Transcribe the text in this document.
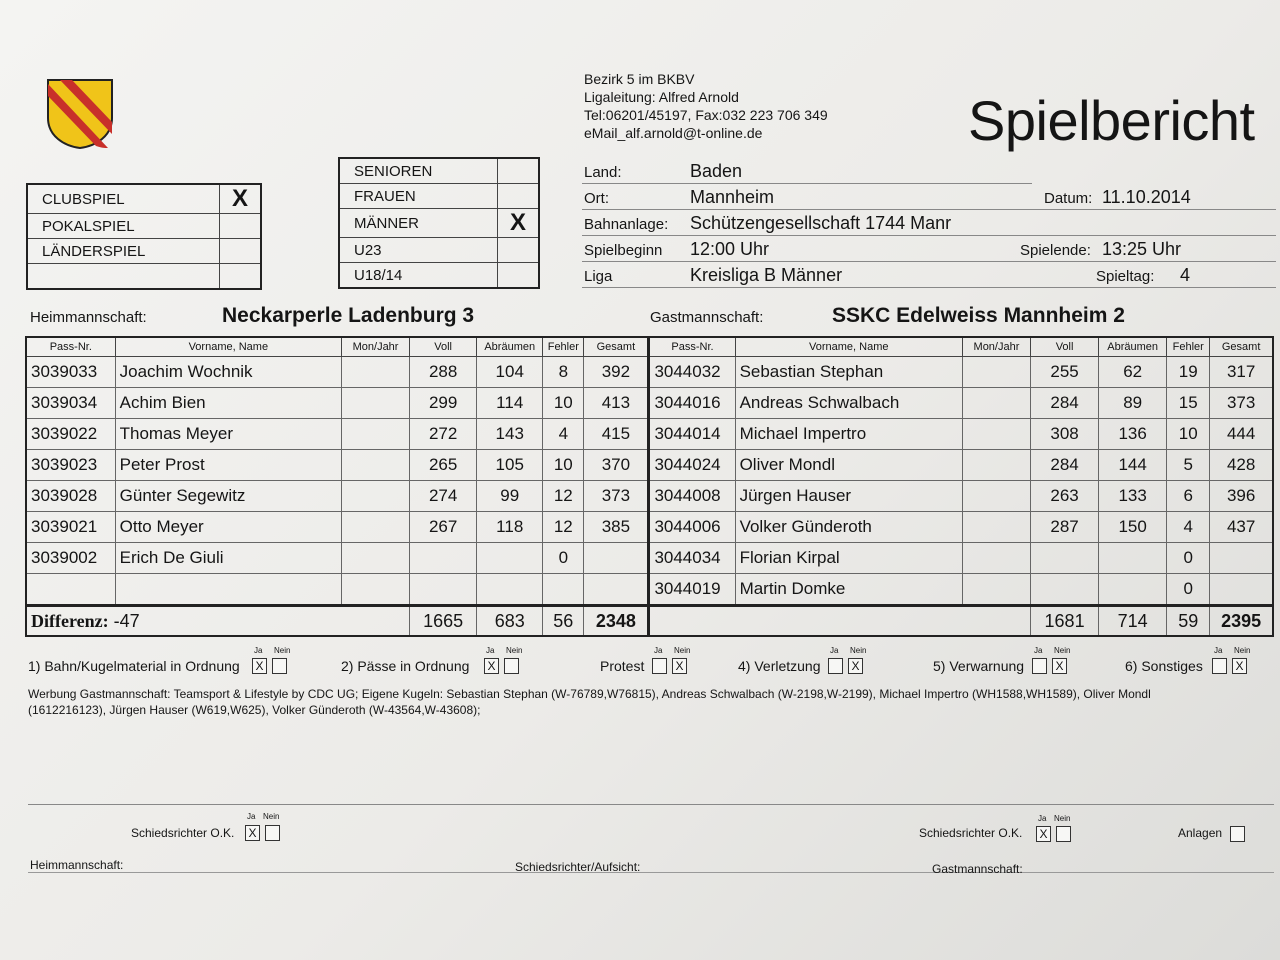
Bezirk 5 im BKBV
Ligaleitung: Alfred Arnold
Tel:06201/45197, Fax:032 223 706 349
eMail_alf.arnold@t-online.de	Spielbericht
CLUBSPIEL	X
POKALSPIEL	
LÄNDERSPIEL	

SENIOREN	
FRAUEN	
MÄNNER	X
U23	
U18/14	
Land:	Baden
Ort:	Mannheim	Datum: 11.10.2014
Bahnanlage: Schützengesellschaft 1744 Manr
Spielbeginn 12:00 Uhr	Spielende: 13:25 Uhr
Liga	Kreisliga B Männer	Spieltag: 4
Heimmannschaft:	Neckarperle Ladenburg 3	Gastmannschaft:	SSKC Edelweiss Mannheim 2
Pass-Nr.	Vorname, Name	Mon/Jahr	Voll	Abräumen	Fehler	Gesamt	Pass-Nr.	Vorname, Name	Mon/Jahr	Voll	Abräumen	Fehler	Gesamt
3039033	Joachim Wochnik		288	104	8	392	3044032	Sebastian Stephan		255	62	19	317
3039034	Achim Bien		299	114	10	413	3044016	Andreas Schwalbach		284	89	15	373
3039022	Thomas Meyer		272	143	4	415	3044014	Michael Impertro		308	136	10	444
3039023	Peter Prost		265	105	10	370	3044024	Oliver Mondl		284	144	5	428
3039028	Günter Segewitz		274	99	12	373	3044008	Jürgen Hauser		263	133	6	396
3039021	Otto Meyer		267	118	12	385	3044006	Volker Günderoth		287	150	4	437
3039002	Erich De Giuli				0		3044034	Florian Kirpal				0	
							3044019	Martin Domke				0	
Differenz: -47			1665	683	56	2348				1681	714	59	2395
1) Bahn/Kugelmaterial in Ordnung
Ja
X
Nein
2) Pässe in Ordnung
Ja
X
Nein
Protest
Ja Nein
X	4) Verletzung
Ja Nein
X	5) Verwarnung
Ja Nein
X	6) Sonstiges
Ja Nein
X
Werbung Gastmannschaft: Teamsport & Lifestyle by CDC UG; Eigene Kugeln: Sebastian Stephan (W-76789,W76815), Andreas Schwalbach (W-2198,W-2199), Michael Impertro (WH1588,WH1589), Oliver Mondl (1612216123), Jürgen Hauser (W619,W625), Volker Günderoth (W-43564,W-43608);
Schiedsrichter O.K.
Ja Nein
X	Schiedsrichter O.K.
Ja Nein
X	Anlagen
Heimmannschaft:	Schiedsrichter/Aufsicht:	Gastmannschaft:
